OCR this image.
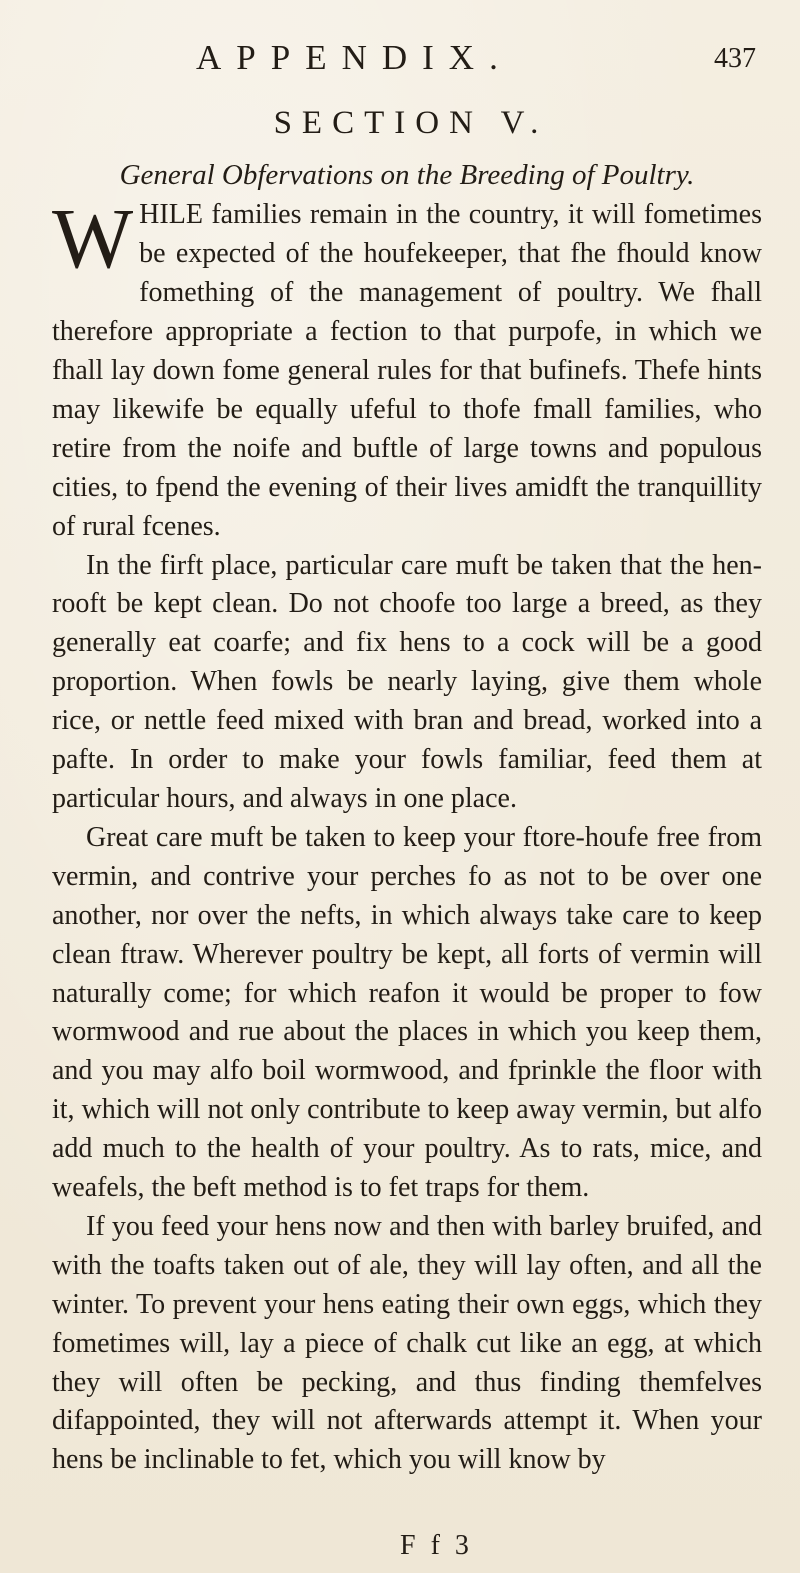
APPENDIX.	437
SECTION V.
General Obfervations on the Breeding of Poultry.

WHILE families remain in the country, it will fometimes be expected of the houfekeeper, that fhe fhould know fomething of the management of poultry. We fhall therefore appropriate a fection to that purpofe, in which we fhall lay down fome general rules for that bufinefs. Thefe hints may likewife be equally ufeful to thofe fmall families, who retire from the noife and buftle of large towns and populous cities, to fpend the evening of their lives amidft the tranquillity of rural fcenes.

In the firft place, particular care muft be taken that the hen-rooft be kept clean. Do not choofe too large a breed, as they generally eat coarfe; and fix hens to a cock will be a good proportion. When fowls be nearly laying, give them whole rice, or nettle feed mixed with bran and bread, worked into a pafte. In order to make your fowls familiar, feed them at particular hours, and always in one place.

Great care muft be taken to keep your ftore-houfe free from vermin, and contrive your perches fo as not to be over one another, nor over the nefts, in which always take care to keep clean ftraw. Wherever poultry be kept, all forts of vermin will naturally come; for which reafon it would be proper to fow wormwood and rue about the places in which you keep them, and you may alfo boil wormwood, and fprinkle the floor with it, which will not only contribute to keep away vermin, but alfo add much to the health of your poultry. As to rats, mice, and weafels, the beft method is to fet traps for them.

If you feed your hens now and then with barley bruifed, and with the toafts taken out of ale, they will lay often, and all the winter. To prevent your hens eating their own eggs, which they fometimes will, lay a piece of chalk cut like an egg, at which they will often be pecking, and thus finding themfelves difappointed, they will not afterwards attempt it. When your hens be inclinable to fet, which you will know by

F f 3
